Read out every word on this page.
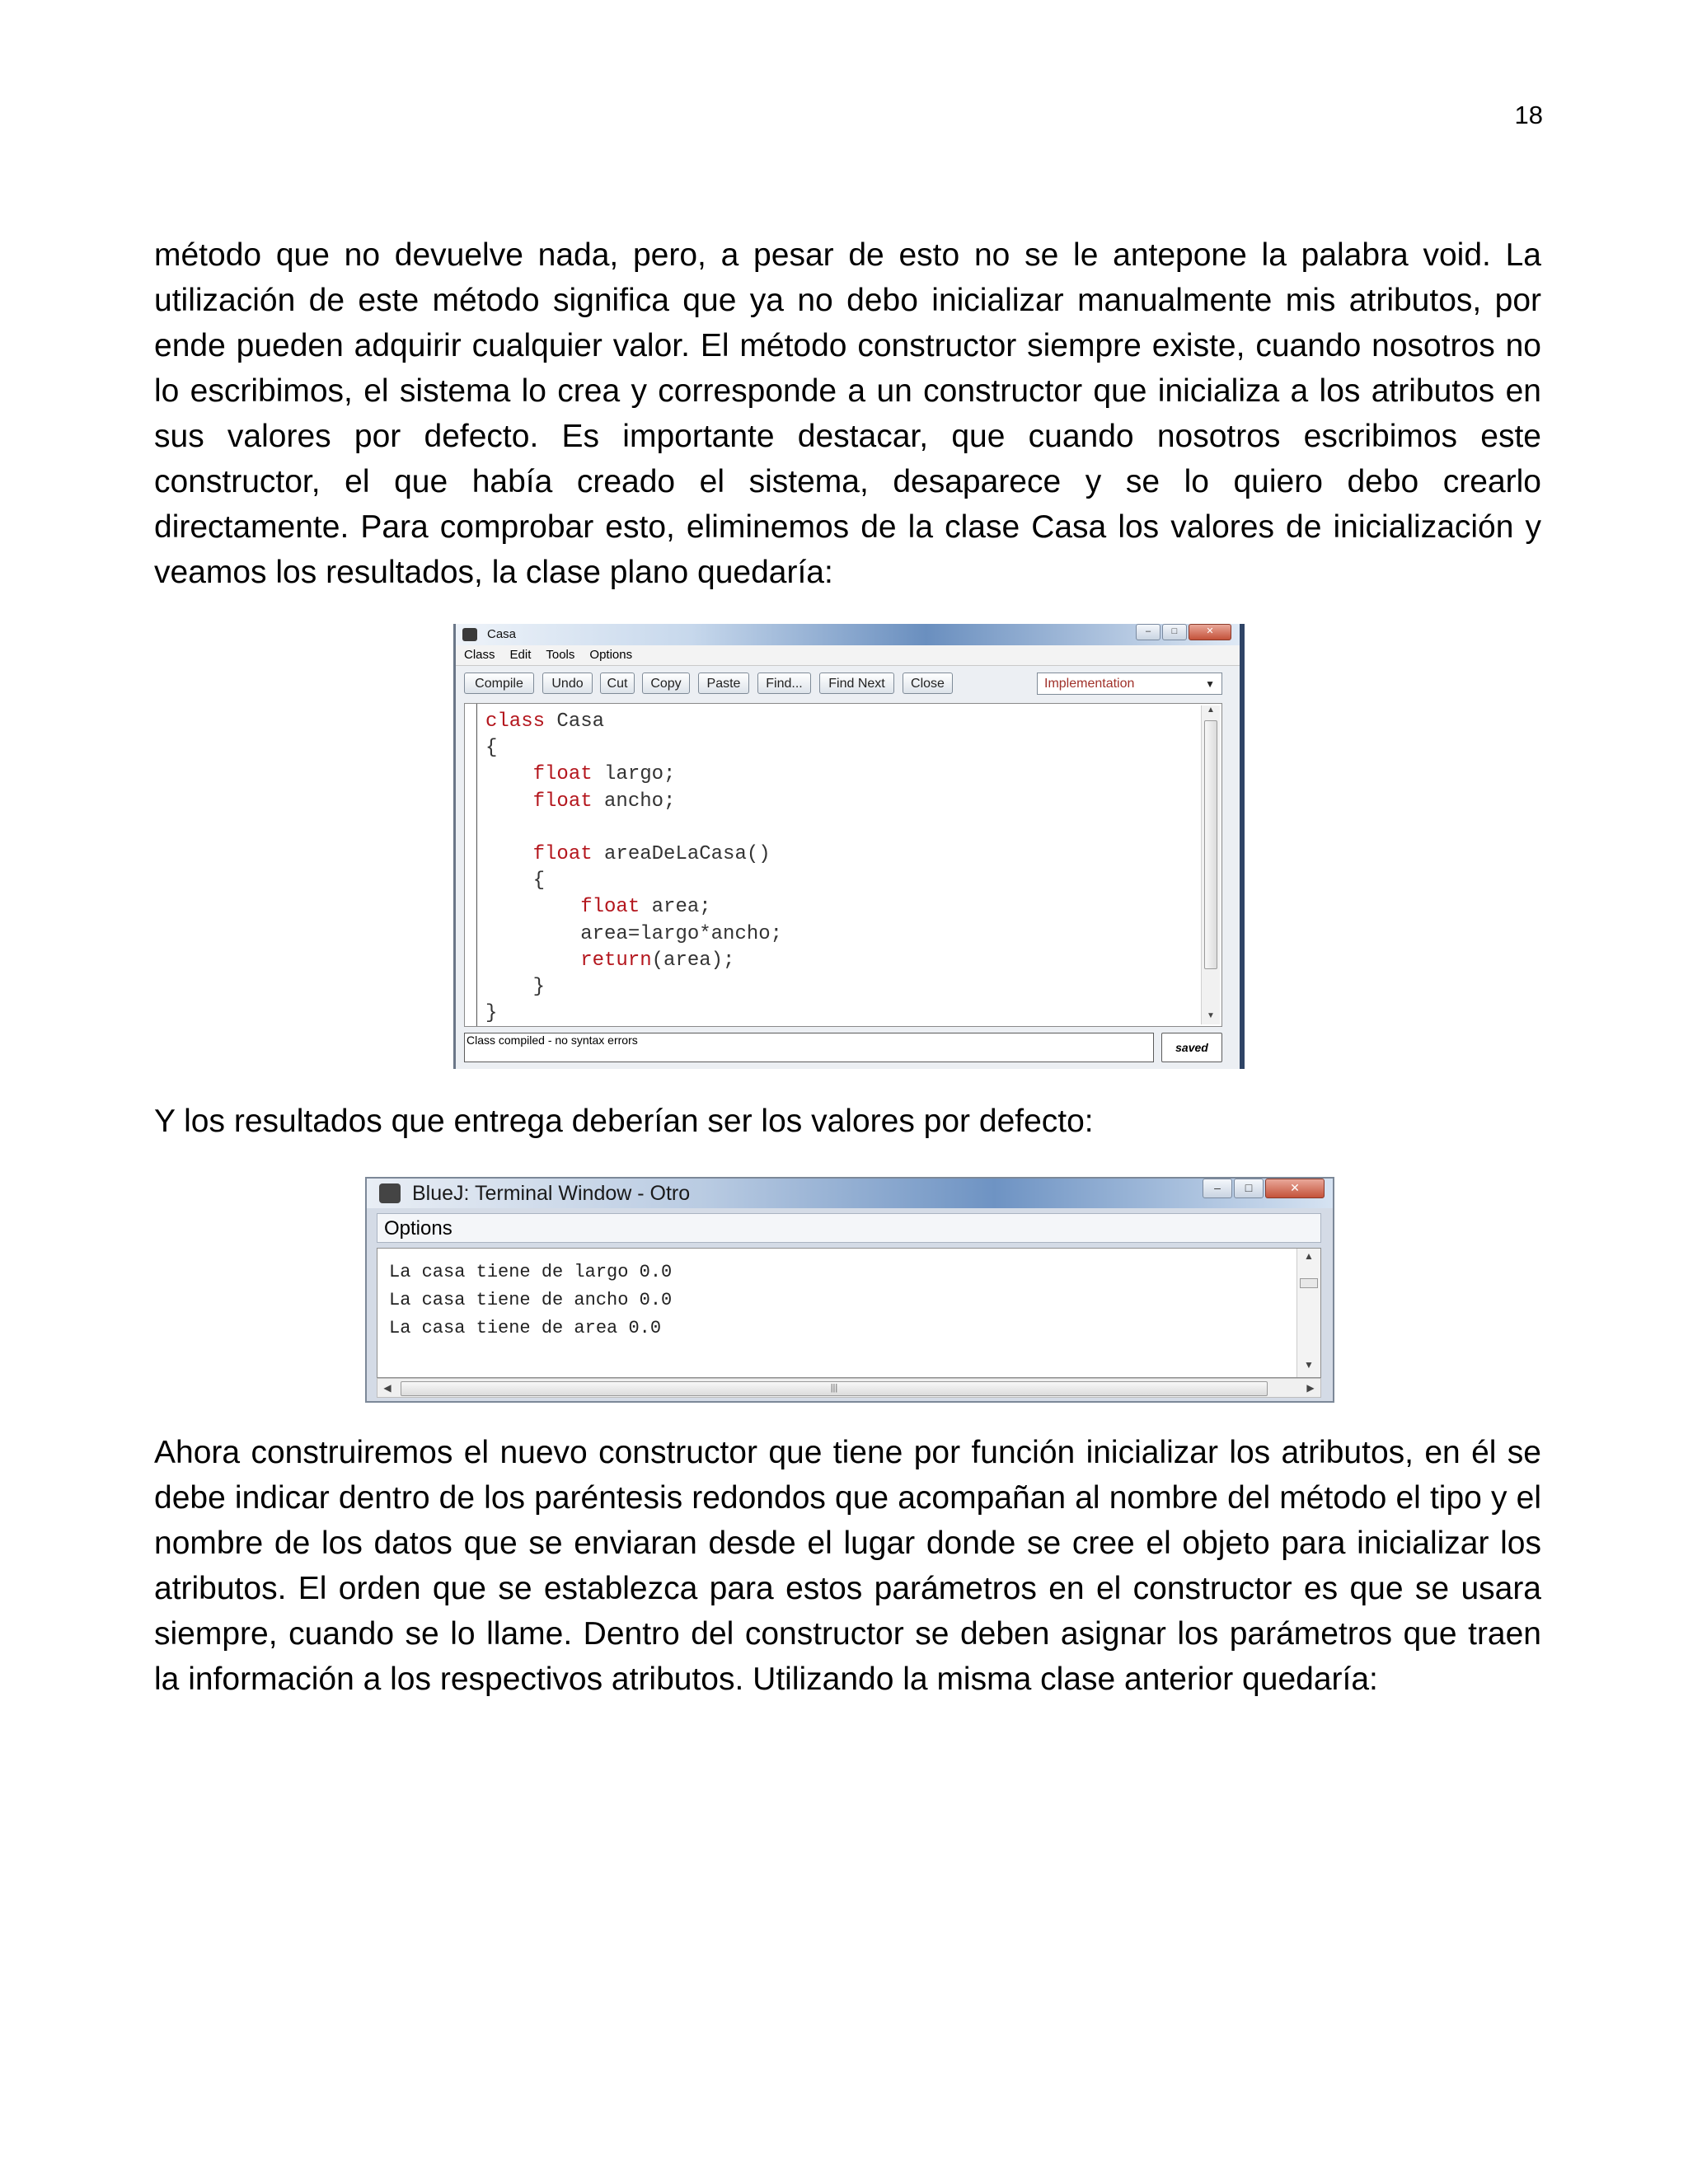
18

método que no devuelve nada, pero, a pesar de esto no se le antepone la palabra void. La utilización de este método significa que ya no debo inicializar manualmente mis atributos, por ende pueden adquirir cualquier valor. El método constructor siempre existe, cuando nosotros no lo escribimos, el sistema lo crea y corresponde a un constructor que inicializa a los atributos en sus valores por defecto. Es importante destacar, que cuando nosotros escribimos este constructor, el que había creado el sistema, desaparece y se lo quiero debo crearlo directamente. Para comprobar esto, eliminemos de la clase Casa los valores de inicialización y veamos los resultados, la clase plano quedaría:

Casa	–	□	✕
Class Edit Tools Options
Compile	Undo	Cut	Copy	Paste	Find...	Find Next	Close	Implementation	▼
class Casa
{
float largo;
float ancho;

float areaDeLaCasa()
{
float area;
area=largo*ancho;
return(area);
}
}
▲
▼
Class compiled - no syntax errors
saved

Y los resultados que entrega deberían ser los valores por defecto:

BlueJ: Terminal Window - Otro	–	□	✕
Options
La casa tiene de largo 0.0
La casa tiene de ancho 0.0
La casa tiene de area 0.0
▲
▼
◀	|||	▶

Ahora construiremos el nuevo constructor que tiene por función inicializar los atributos, en él se debe indicar dentro de los paréntesis redondos que acompañan al nombre del método el tipo y el nombre de los datos que se enviaran desde el lugar donde se cree el objeto para inicializar los atributos. El orden que se establezca para estos parámetros en el constructor es que se usara siempre, cuando se lo llame. Dentro del constructor se deben asignar los parámetros que traen la información a los respectivos atributos. Utilizando la misma clase anterior quedaría:
